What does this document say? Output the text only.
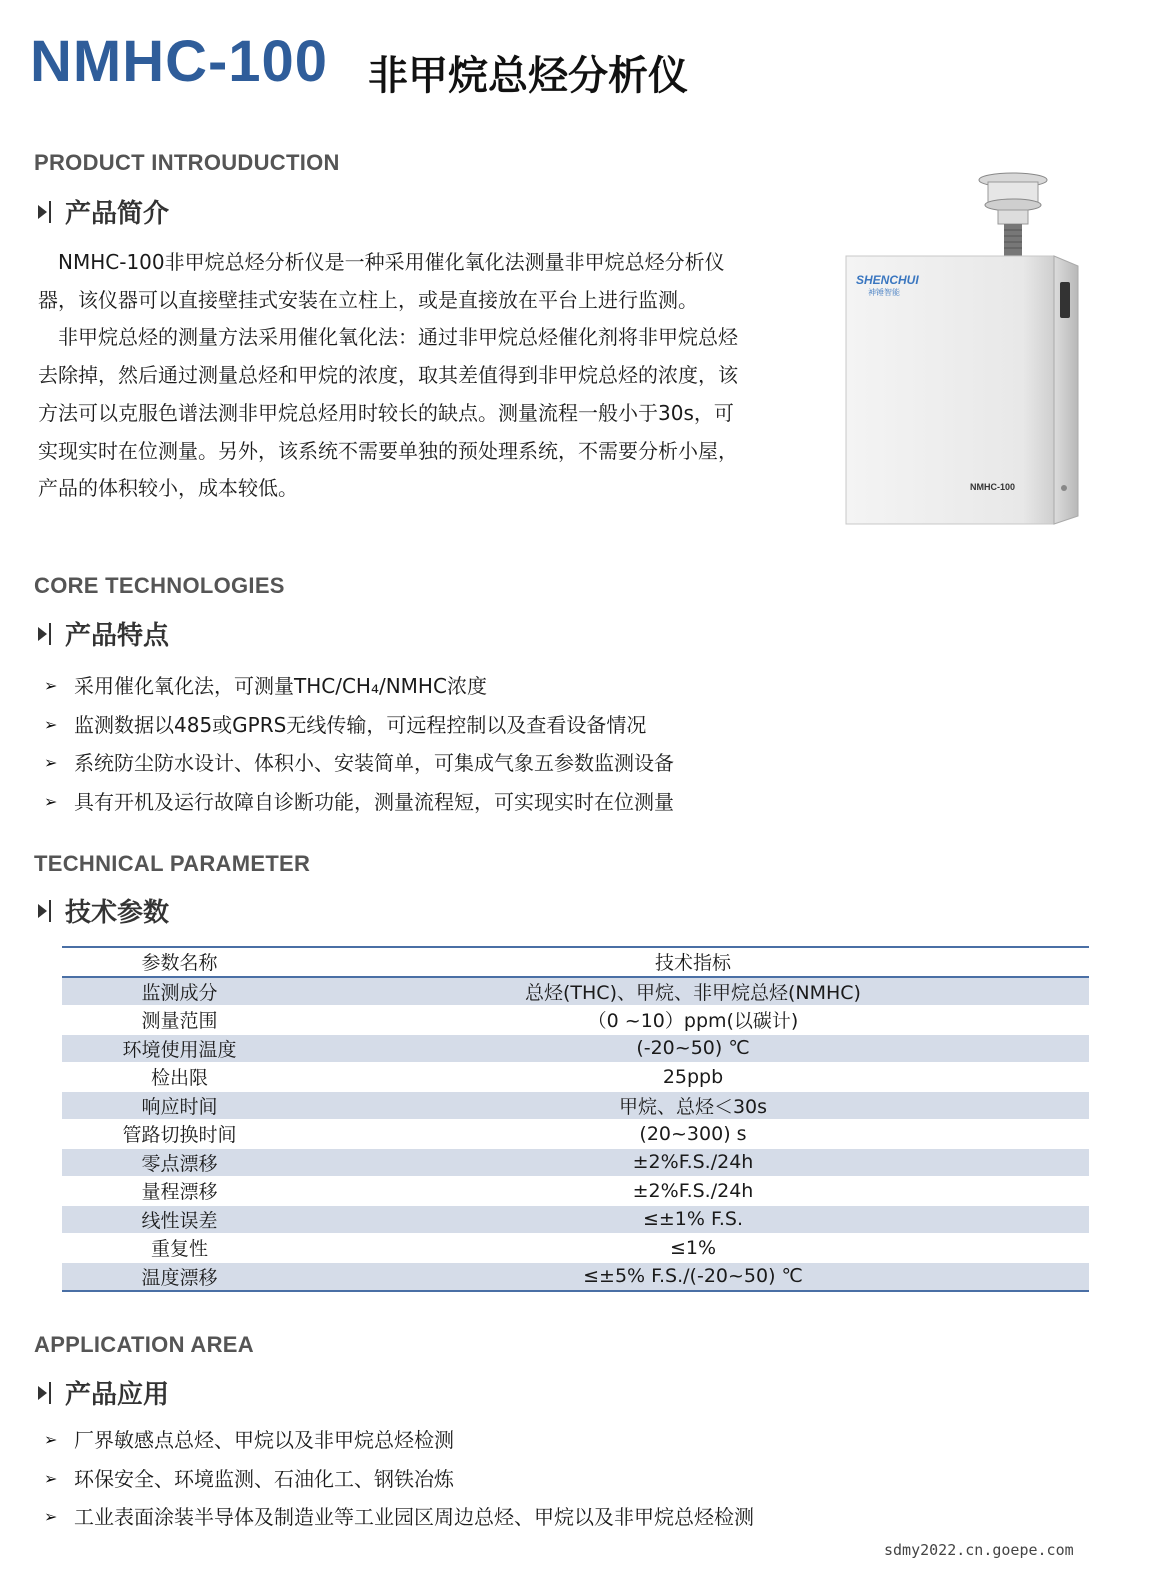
NMHC-100 非甲烷总烃分析仪
PRODUCT INTROUDUCTION
产品简介

NMHC-100非甲烷总烃分析仪是一种采用催化氧化法测量非甲烷总烃分析仪器，该仪器可以直接壁挂式安装在立柱上，或是直接放在平台上进行监测。

非甲烷总烃的测量方法采用催化氧化法：通过非甲烷总烃催化剂将非甲烷总烃去除掉，然后通过测量总烃和甲烷的浓度，取其差值得到非甲烷总烃的浓度，该方法可以克服色谱法测非甲烷总烃用时较长的缺点。测量流程一般小于30s，可实现实时在位测量。另外，该系统不需要单独的预处理系统，不需要分析小屋，产品的体积较小，成本较低。

SHENCHUI
神锤智能
NMHC-100
CORE TECHNOLOGIES
产品特点
➢ 采用催化氧化法，可测量THC/CH₄/NMHC浓度
➢ 监测数据以485或GPRS无线传输，可远程控制以及查看设备情况
➢ 系统防尘防水设计、体积小、安装简单，可集成气象五参数监测设备
➢ 具有开机及运行故障自诊断功能，测量流程短，可实现实时在位测量
TECHNICAL PARAMETER
技术参数
参数名称	技术指标
监测成分	总烃(THC)、甲烷、非甲烷总烃(NMHC)
测量范围	（0 ~10）ppm(以碳计)
环境使用温度	(-20~50) ℃
检出限	25ppb
响应时间	甲烷、总烃＜30s
管路切换时间	(20~300) s
零点漂移	±2%F.S./24h
量程漂移	±2%F.S./24h
线性误差	≤±1% F.S.
重复性	≤1%
温度漂移	≤±5% F.S./(-20~50) ℃
APPLICATION AREA
产品应用
➢ 厂界敏感点总烃、甲烷以及非甲烷总烃检测
➢ 环保安全、环境监测、石油化工、钢铁冶炼
➢ 工业表面涂装半导体及制造业等工业园区周边总烃、甲烷以及非甲烷总烃检测
sdmy2022.cn.goepe.com
